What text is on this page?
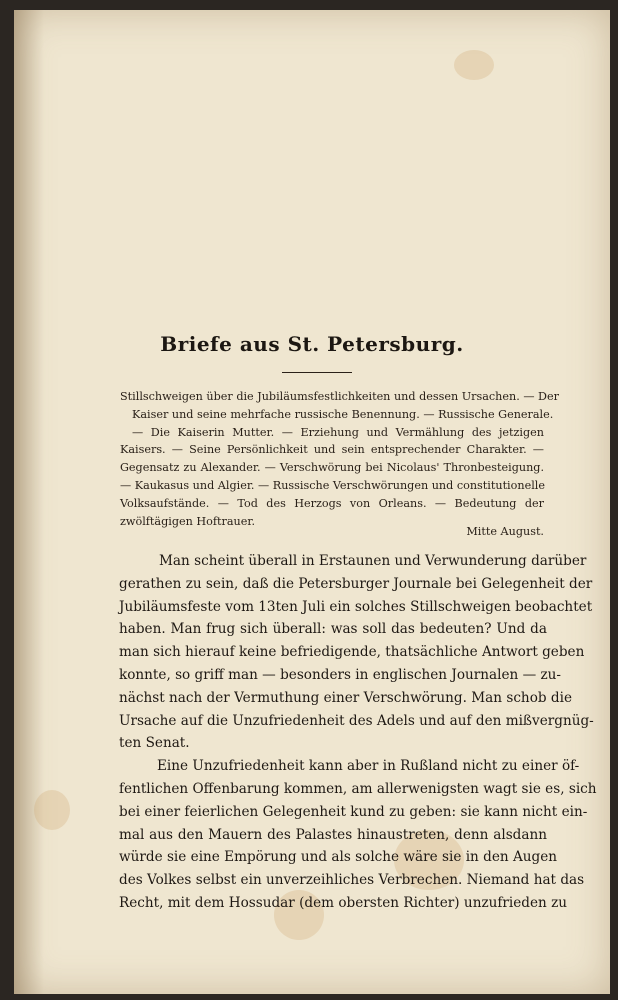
Briefe aus St. Petersburg.
Stillschweigen über die Jubiläumsfestlichkeiten und dessen Ursachen. — Der
Kaiser und seine mehrfache russische Benennung. — Russische Generale.
— Die Kaiserin Mutter. — Erziehung und Vermählung des jetzigen
Kaisers. — Seine Persönlichkeit und sein entsprechender Charakter. —
Gegensatz zu Alexander. — Verschwörung bei Nicolaus' Thronbesteigung.
— Kaukasus und Algier. — Russische Verschwörungen und constitutionelle
Volksaufstände. — Tod des Herzogs von Orleans. — Bedeutung der
zwölftägigen Hoftrauer.
Mitte August.
Man scheint überall in Erstaunen und Verwunderung darüber
gerathen zu sein, daß die Petersburger Journale bei Gelegenheit der
Jubiläumsfeste vom 13ten Juli ein solches Stillschweigen beobachtet
haben. Man frug sich überall: was soll das bedeuten? Und da
man sich hierauf keine befriedigende, thatsächliche Antwort geben
konnte, so griff man — besonders in englischen Journalen — zu-
nächst nach der Vermuthung einer Verschwörung. Man schob die
Ursache auf die Unzufriedenheit des Adels und auf den mißvergnüg-
ten Senat.
Eine Unzufriedenheit kann aber in Rußland nicht zu einer öf-
fentlichen Offenbarung kommen, am allerwenigsten wagt sie es, sich
bei einer feierlichen Gelegenheit kund zu geben: sie kann nicht ein-
mal aus den Mauern des Palastes hinaustreten, denn alsdann
würde sie eine Empörung und als solche wäre sie in den Augen
des Volkes selbst ein unverzeihliches Verbrechen. Niemand hat das
Recht, mit dem Hossudar (dem obersten Richter) unzufrieden zu
